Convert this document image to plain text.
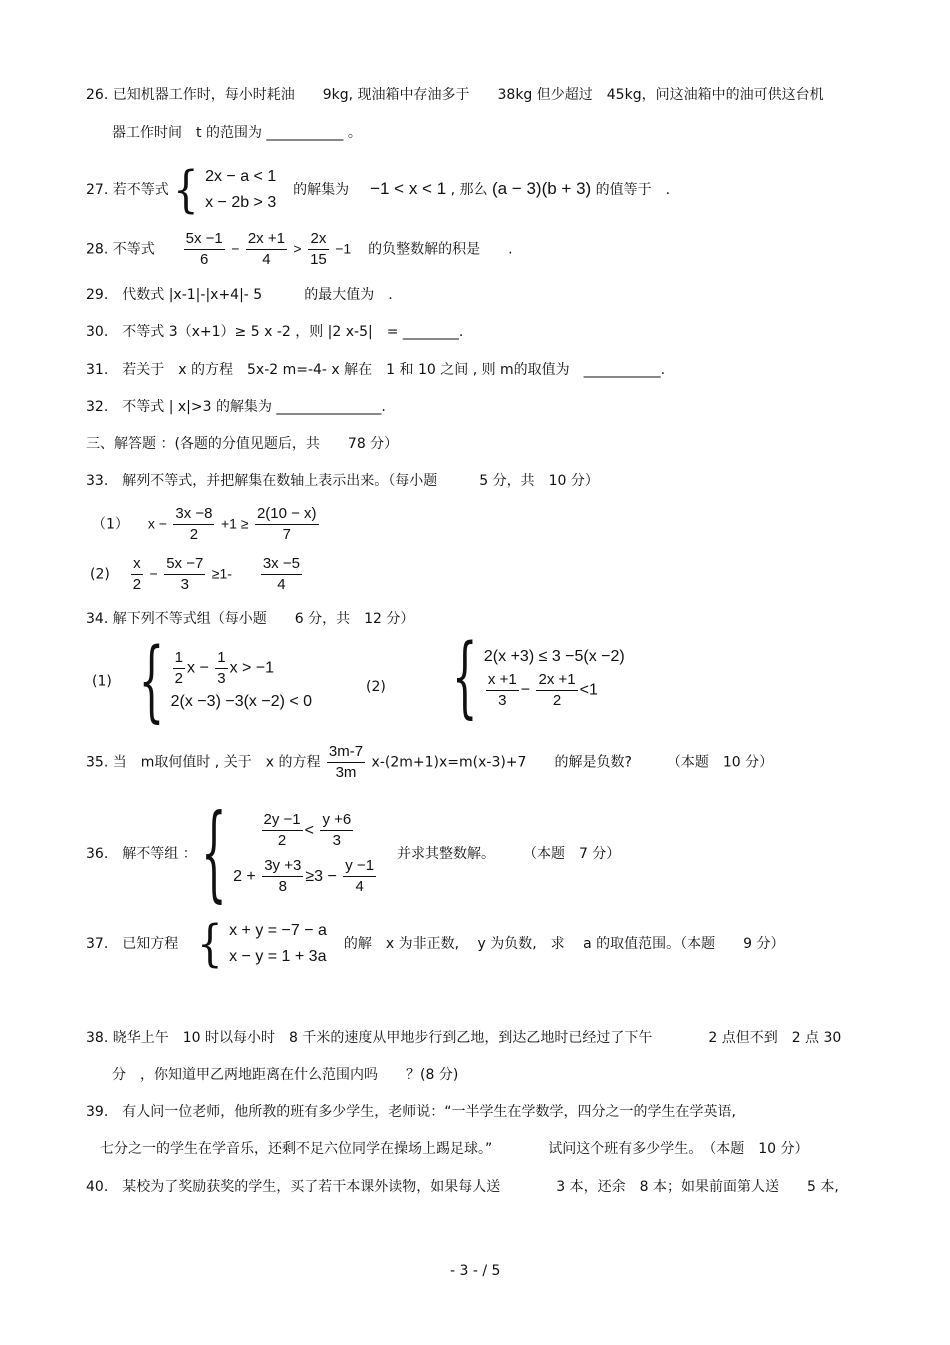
26. 已知机器工作时，每小时耗油　　9kg, 现油箱中存油多于　　38kg 但少超过　45kg，问这油箱中的油可供这台机
器工作时间　t 的范围为 ___________ 。
27. 若不等式 { 2x − a < 1
x − 2b > 3
的解集为 −1 < x < 1 , 那么 (a − 3)(b + 3) 的值等于　.
28. 不等式 $\frac{5x -1}{6} - \frac{2x +1}{4} > \frac{2x}{15} -1$ 的负整数解的积是　　.
29.　代数式 |x-1|-|x+4|- 5　　　的最大值为　.
30.　不等式 3（x+1）≥ 5 x -2 ，则 |2 x-5|　= ________.
31.　若关于　x 的方程　5x-2 m=-4- x 解在　1 和 10 之间 , 则 m的取值为　___________.
32.　不等式 | x|>3 的解集为 _______________.
三、解答题 ：(各题的分值见题后，共　　78 分）
33.　解列不等式，并把解集在数轴上表示出来。（每小题　　　5 分，共　10 分）
（1） $x - \frac{3x -8}{2} +1 \ge \frac{2(10 - x)}{7}$
$(2) \frac{x}{2} - \frac{5x -7}{3} \ge 1- \frac{3x -5}{4}$
34. 解下列不等式组（每小题　　6 分，共　12 分）
(1) { $\frac{1}{2}$ $x - \frac{1}{3}$ x > −1
2(x −3) −3(x −2) < 0
(2) { 2(x +3) ≤ 3 −5(x −2)
$\frac{x +1}{3} - \frac{2x +1}{2} <1$
35. 当　m取何值时 , 关于　x 的方程 $\frac{3m-7}{3m} x-(2m+1)x=m(x-3)+7$　　的解是负数?　　　（本题　10 分）
36.　解不等组 ： {
$\frac{2y -1}{2} < \frac{y +6}{3}$
$2 + \frac{3y +3}{8} \ge 3 - \frac{y -1}{4}$
并求其整数解。　　　（本题　7 分）
37.　已知方程 { x + y = −7 − a
x − y = 1 + 3a
的解　x 为非正数,　 y 为负数,　求　 a 的取值范围。（本题　　9 分）
38. 晓华上午　10 时以每小时　8 千米的速度从甲地步行到乙地，到达乙地时已经过了下午　　　　2 点但不到　2 点 30
分　，你知道甲乙两地距离在什么范围内吗　　？(8 分)
39.　有人问一位老师，他所教的班有多少学生，老师说：“一半学生在学数学，四分之一的学生在学英语,
七分之一的学生在学音乐，还剩不足六位同学在操场上踢足球。”　　　　试问这个班有多少学生。　（本题　10 分）
40.　某校为了奖励获奖的学生，买了若干本课外读物，如果每人送　　　　3 本，还余　8 本；如果前面第人送　　5 本,
- 3 - / 5
